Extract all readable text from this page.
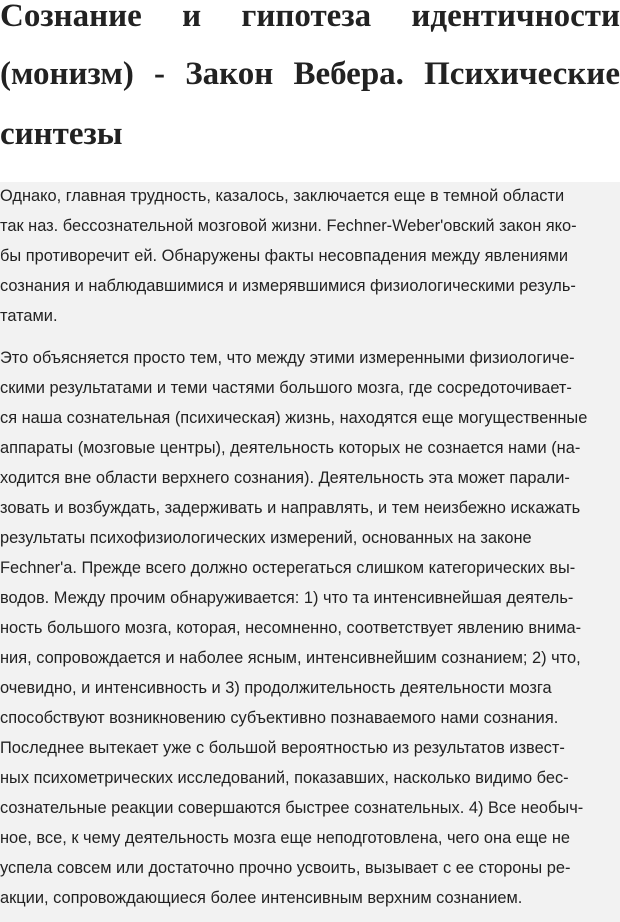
Сознание и гипотеза идентичности
(монизм) - Закон Вебера. Психические
синтезы
Однако, главная трудность, казалось, заключается еще в темной области
так наз. бессознательной мозговой жизни. Fechner-Weber'овский закон яко-
бы противоречит ей. Обнаружены факты несовпадения между явлениями
сознания и наблюдавшимися и измерявшимися физиологическими резуль-
татами.
Это объясняется просто тем, что между этими измеренными физиологиче-
скими результатами и теми частями большого мозга, где сосредоточивает-
ся наша сознательная (психическая) жизнь, находятся еще могущественные
аппараты (мозговые центры), деятельность которых не сознается нами (на-
ходится вне области верхнего сознания). Деятельность эта может парали-
зовать и возбуждать, задерживать и направлять, и тем неизбежно искажать
результаты психофизиологических измерений, основанных на законе
Fechner'a. Прежде всего должно остерегаться слишком категорических вы-
водов. Между прочим обнаруживается: 1) что та интенсивнейшая деятель-
ность большого мозга, которая, несомненно, соответствует явлению внима-
ния, сопровождается и наболее ясным, интенсивнейшим сознанием; 2) что,
очевидно, и интенсивность и 3) продолжительность деятельности мозга
способствуют возникновению субъективно познаваемого нами сознания.
Последнее вытекает уже с большой вероятностью из результатов извест-
ных психометрических исследований, показавших, насколько видимо бес-
сознательные реакции совершаются быстрее сознательных. 4) Все необыч-
ное, все, к чему деятельность мозга еще неподготовлена, чего она еще не
успела совсем или достаточно прочно усвоить, вызывает с ее стороны ре-
акции, сопровождающиеся более интенсивным верхним сознанием.
